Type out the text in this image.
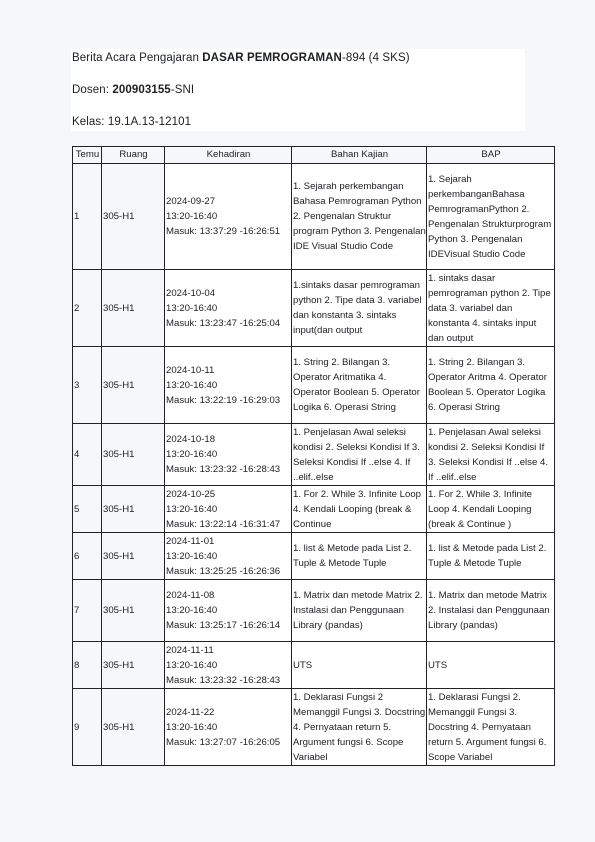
Berita Acara Pengajaran DASAR PEMROGRAMAN-894 (4 SKS)
Dosen: 200903155-SNI
Kelas: 19.1A.13-12101
Temu	Ruang	Kehadiran	Bahan Kajian	BAP
1	305-H1	2024-09-27
13:20-16:40
Masuk: 13:37:29 -16:26:51	1. Sejarah perkembangan Bahasa Pemrograman Python 2. Pengenalan Struktur program Python 3. Pengenalan IDE Visual Studio Code	1. Sejarah perkembanganBahasa PemrogramanPython 2. Pengenalan Strukturprogram Python 3. Pengenalan IDEVisual Studio Code
2	305-H1	2024-10-04
13:20-16:40
Masuk: 13:23:47 -16:25:04	1.sintaks dasar pemrograman python 2. Tipe data 3. variabel dan konstanta 3. sintaks input(dan output	1. sintaks dasar pemrograman python 2. Tipe data 3. variabel dan konstanta 4. sintaks input dan output
3	305-H1	2024-10-11
13:20-16:40
Masuk: 13:22:19 -16:29:03	1. String 2. Bilangan 3. Operator Aritmatika 4. Operator Boolean 5. Operator Logika 6. Operasi String	1. String 2. Bilangan 3. Operator Aritma 4. Operator Boolean 5. Operator Logika 6. Operasi String
4	305-H1	2024-10-18
13:20-16:40
Masuk: 13:23:32 -16:28:43	1. Penjelasan Awal seleksi kondisi 2. Seleksi Kondisi If 3. Seleksi Kondisi If ..else 4. If ..elif..else	1. Penjelasan Awal seleksi kondisi 2. Seleksi Kondisi If 3. Seleksi Kondisi If ..else 4. If ..elif..else
5	305-H1	2024-10-25
13:20-16:40
Masuk: 13:22:14 -16:31:47	1. For 2. While 3. Infinite Loop 4. Kendali Looping (break & Continue	1. For 2. While 3. Infinite Loop 4. Kendali Looping (break & Continue )
6	305-H1	2024-11-01
13:20-16:40
Masuk: 13:25:25 -16:26:36	1. list & Metode pada List 2. Tuple & Metode Tuple	1. list & Metode pada List 2. Tuple & Metode Tuple
7	305-H1	2024-11-08
13:20-16:40
Masuk: 13:25:17 -16:26:14	1. Matrix dan metode Matrix 2. Instalasi dan Penggunaan Library (pandas)	1. Matrix dan metode Matrix 2. Instalasi dan Penggunaan Library (pandas)
8	305-H1	2024-11-11
13:20-16:40
Masuk: 13:23:32 -16:28:43	UTS	UTS
9	305-H1	2024-11-22
13:20-16:40
Masuk: 13:27:07 -16:26:05	1. Deklarasi Fungsi 2 Memanggil Fungsi 3. Docstring 4. Pernyataan return 5. Argument fungsi 6. Scope Variabel	1. Deklarasi Fungsi 2. Memanggil Fungsi 3. Docstring 4. Pernyataan return 5. Argument fungsi 6. Scope Variabel
